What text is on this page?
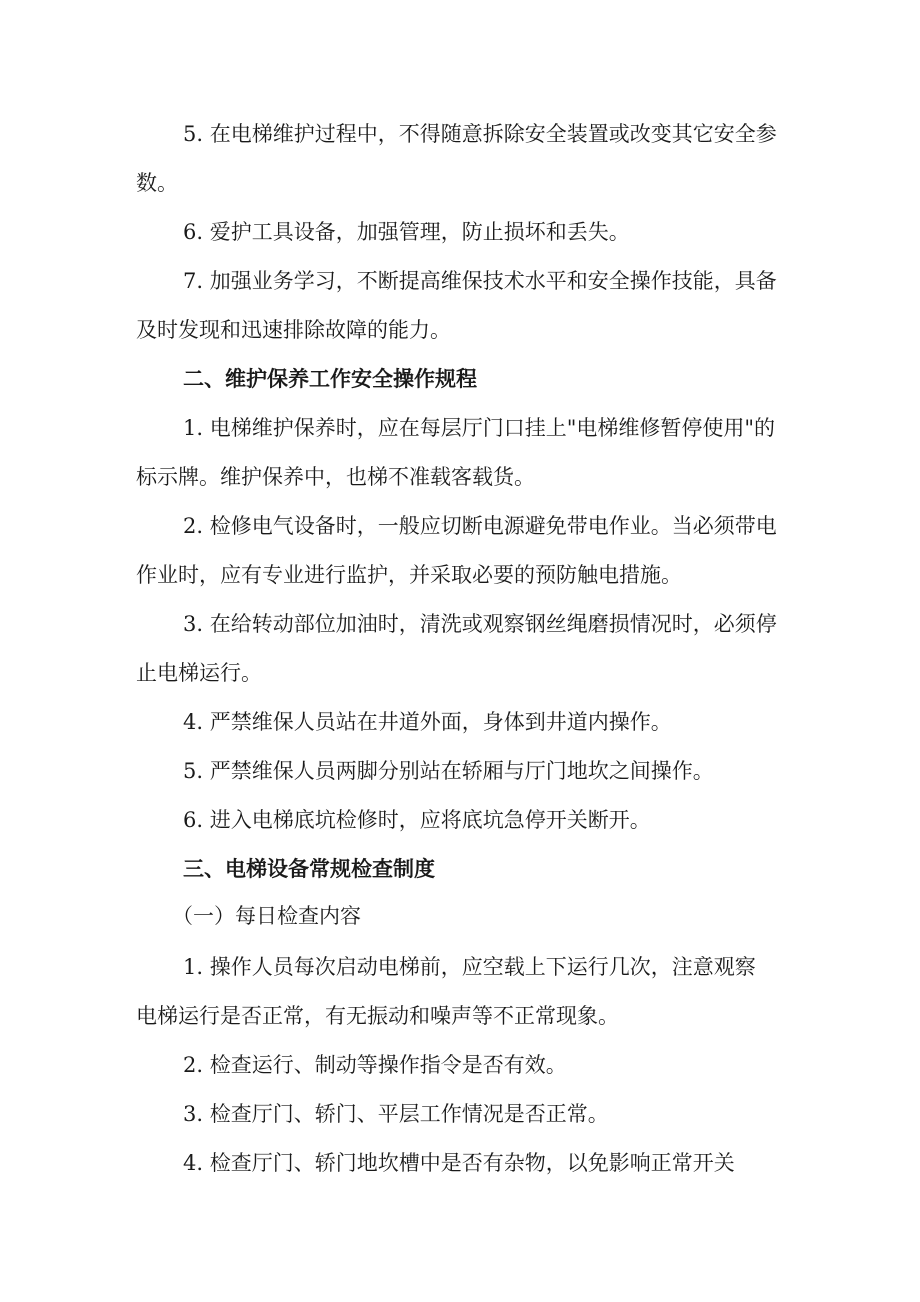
5. 在电梯维护过程中，不得随意拆除安全装置或改变其它安全参
数。
6. 爱护工具设备，加强管理，防止损坏和丢失。
7. 加强业务学习，不断提高维保技术水平和安全操作技能，具备
及时发现和迅速排除故障的能力。
二、维护保养工作安全操作规程
1. 电梯维护保养时，应在每层厅门口挂上"电梯维修暂停使用"的
标示牌。维护保养中，也梯不准载客载货。
2. 检修电气设备时，一般应切断电源避免带电作业。当必须带电
作业时，应有专业进行监护，并采取必要的预防触电措施。
3. 在给转动部位加油时，清洗或观察钢丝绳磨损情况时，必须停
止电梯运行。
4. 严禁维保人员站在井道外面，身体到井道内操作。
5. 严禁维保人员两脚分别站在轿厢与厅门地坎之间操作。
6. 进入电梯底坑检修时，应将底坑急停开关断开。
三、电梯设备常规检查制度
（一）每日检查内容
1. 操作人员每次启动电梯前，应空载上下运行几次，注意观察
电梯运行是否正常，有无振动和噪声等不正常现象。
2. 检查运行、制动等操作指令是否有效。
3. 检查厅门、轿门、平层工作情况是否正常。
4. 检查厅门、轿门地坎槽中是否有杂物，以免影响正常开关
